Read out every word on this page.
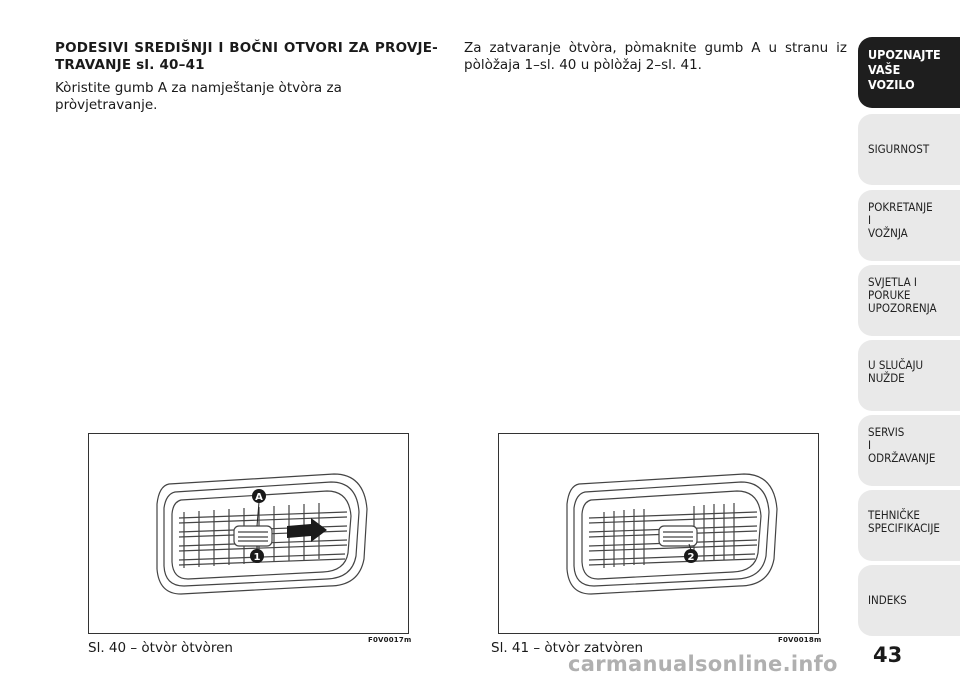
PODESIVI SREDIŠNJI I BOČNI OTVORI ZA PROVJE-TRAVANJE sl. 40–41
Kòristite gumb A za namještanje òtvòra za pròvjetravanje.
Za zatvaranje òtvòra, pòmaknite gumb A u stranu iz pòlòžaja 1–sl. 40 u pòlòžaj 2–sl. 41.
A
1
Sl. 40 – òtvòr òtvòren	F0V0017m
2
Sl. 41 – òtvòr zatvòren	F0V0018m
UPOZNAJTE
VAŠE
VOZILO
SIGURNOST
POKRETANJE
I
VOŽNJA
SVJETLA I
PORUKE
UPOZORENJA
U SLUČAJU
NUŽDE
SERVIS
I
ODRŽAVANJE
TEHNIČKE
SPECIFIKACIJE
INDEKS
43
carmanualsonline.info
